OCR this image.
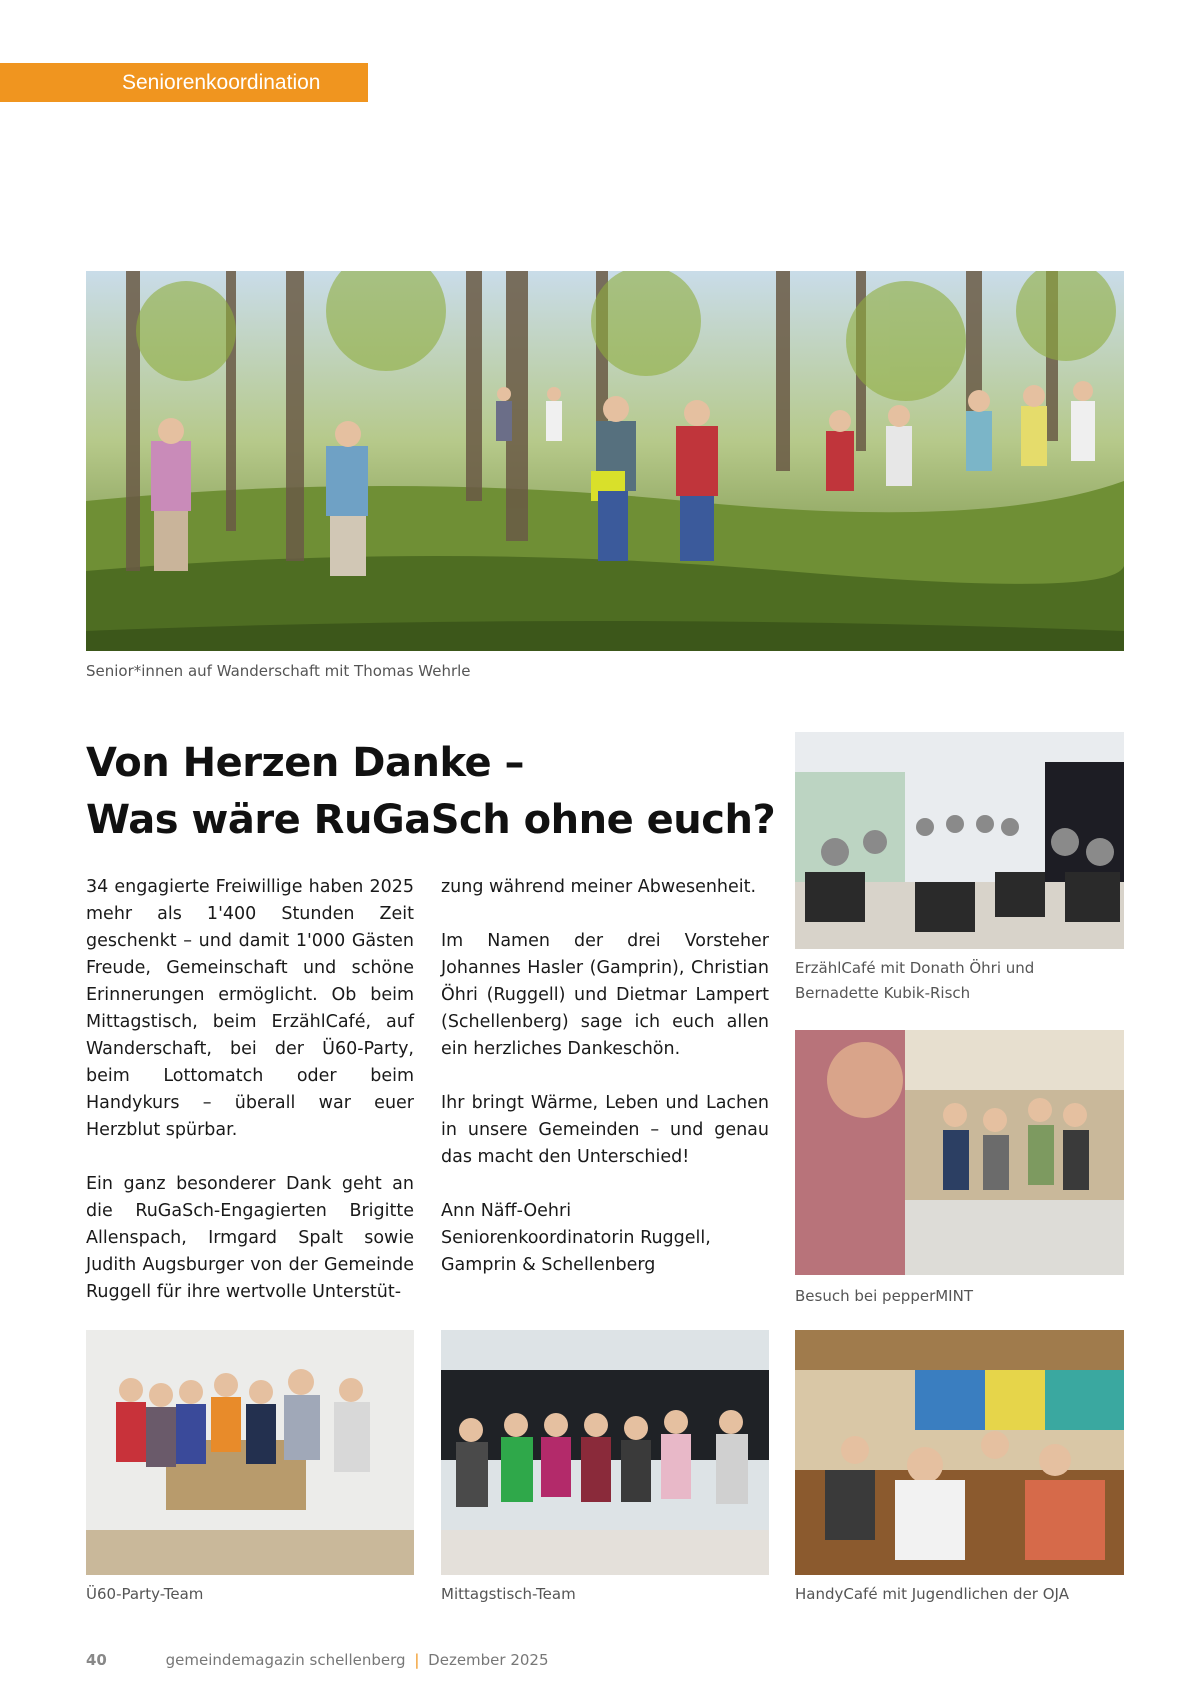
Seniorenkoordination
Senior*innen auf Wanderschaft mit Thomas Wehrle
Von Herzen Danke –
Was wäre RuGaSch ohne euch?

34 engagierte Freiwillige haben 2025 mehr als 1'400 Stunden Zeit geschenkt – und damit 1'000 Gästen Freude, Gemeinschaft und schöne Erinnerungen ermöglicht. Ob beim Mittagstisch, beim ErzählCafé, auf Wanderschaft, bei der Ü60-Party, beim Lottomatch oder beim Handykurs – überall war euer Herzblut spürbar.

Ein ganz besonderer Dank geht an die RuGaSch-Engagierten Brigitte Allenspach, Irmgard Spalt sowie Judith Augsburger von der Gemeinde Ruggell für ihre wertvolle Unterstüt-

zung während meiner Abwesenheit.

Im Namen der drei Vorsteher Johannes Hasler (Gamprin), Christian Öhri (Ruggell) und Dietmar Lampert (Schellenberg) sage ich euch allen ein herzliches Dankeschön.

Ihr bringt Wärme, Leben und Lachen in unsere Gemeinden – und genau das macht den Unterschied!

Ann Näff-Oehri
Seniorenkoordinatorin Ruggell,
Gamprin & Schellenberg

ErzählCafé mit Donath Öhri und
Bernadette Kubik-Risch
Besuch bei pepperMINT
Ü60-Party-Team	Mittagstisch-Team	HandyCafé mit Jugendlichen der OJA
40	gemeindemagazin schellenberg | Dezember 2025
